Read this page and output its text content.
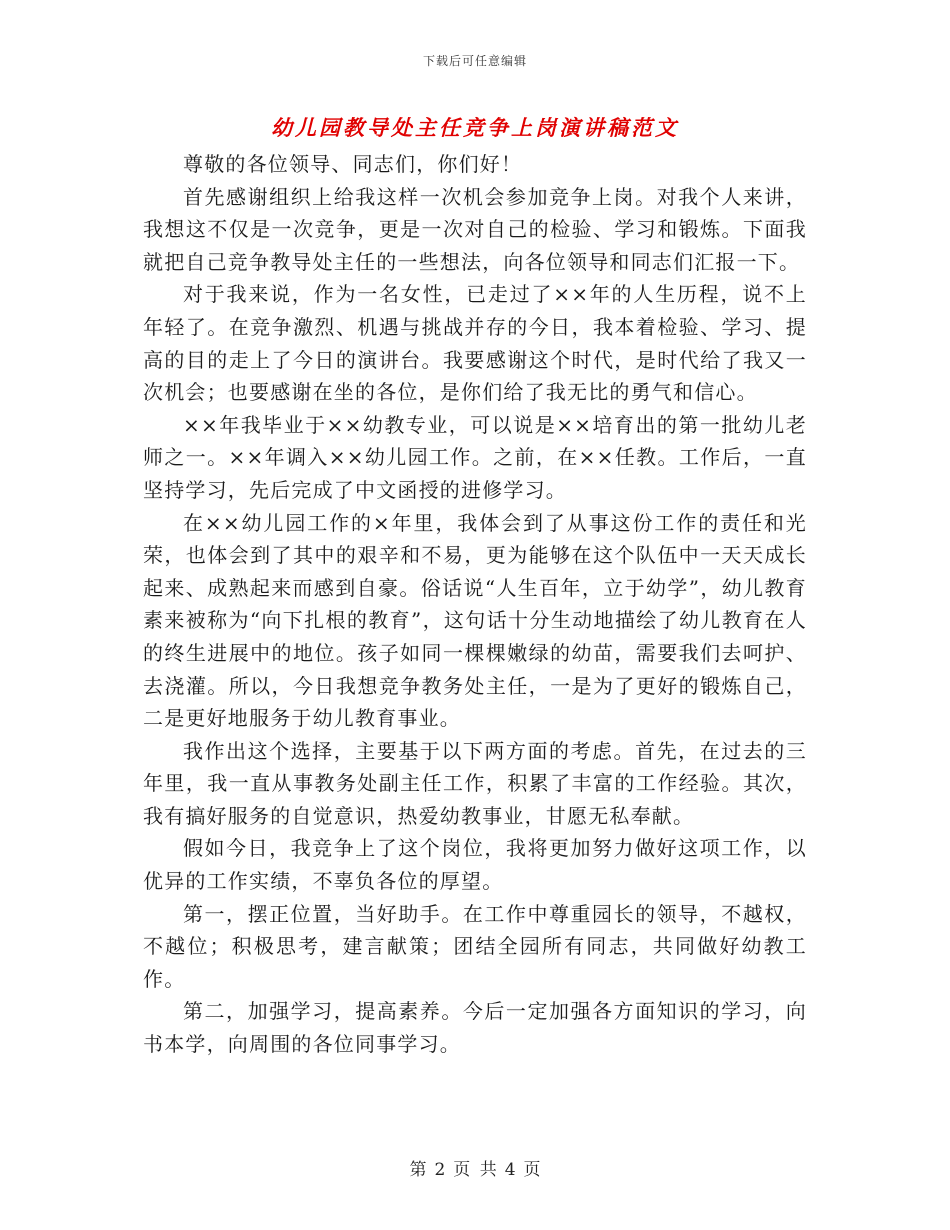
下载后可任意编辑
幼儿园教导处主任竞争上岗演讲稿范文

尊敬的各位领导、同志们，你们好！

首先感谢组织上给我这样一次机会参加竞争上岗。对我个人来讲，我想这不仅是一次竞争，更是一次对自己的检验、学习和锻炼。下面我就把自己竞争教导处主任的一些想法，向各位领导和同志们汇报一下。

对于我来说，作为一名女性，已走过了××年的人生历程，说不上年轻了。在竞争激烈、机遇与挑战并存的今日，我本着检验、学习、提高的目的走上了今日的演讲台。我要感谢这个时代，是时代给了我又一次机会；也要感谢在坐的各位，是你们给了我无比的勇气和信心。

××年我毕业于××幼教专业，可以说是××培育出的第一批幼儿老师之一。××年调入××幼儿园工作。之前，在××任教。工作后，一直坚持学习，先后完成了中文函授的进修学习。

在××幼儿园工作的×年里，我体会到了从事这份工作的责任和光荣，也体会到了其中的艰辛和不易，更为能够在这个队伍中一天天成长起来、成熟起来而感到自豪。俗话说“人生百年，立于幼学”，幼儿教育素来被称为“向下扎根的教育”，这句话十分生动地描绘了幼儿教育在人的终生进展中的地位。孩子如同一棵棵嫩绿的幼苗，需要我们去呵护、去浇灌。所以，今日我想竞争教务处主任，一是为了更好的锻炼自己，二是更好地服务于幼儿教育事业。

我作出这个选择，主要基于以下两方面的考虑。首先，在过去的三年里，我一直从事教务处副主任工作，积累了丰富的工作经验。其次，我有搞好服务的自觉意识，热爱幼教事业，甘愿无私奉献。

假如今日，我竞争上了这个岗位，我将更加努力做好这项工作，以优异的工作实绩，不辜负各位的厚望。

第一，摆正位置，当好助手。在工作中尊重园长的领导，不越权，不越位；积极思考，建言献策；团结全园所有同志，共同做好幼教工作。

第二，加强学习，提高素养。今后一定加强各方面知识的学习，向书本学，向周围的各位同事学习。

第 2 页 共 4 页
